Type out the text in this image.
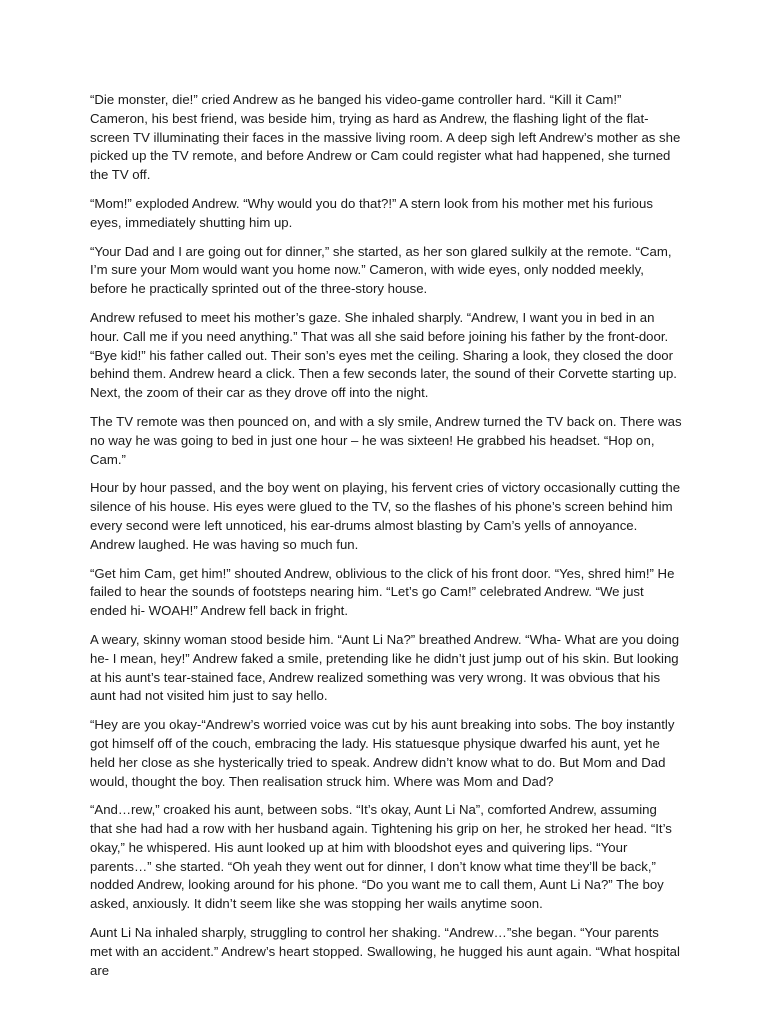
“Die monster, die!” cried Andrew as he banged his video-game controller hard. “Kill it Cam!” Cameron, his best friend, was beside him, trying as hard as Andrew, the flashing light of the flat-screen TV illuminating their faces in the massive living room. A deep sigh left Andrew’s mother as she picked up the TV remote, and before Andrew or Cam could register what had happened, she turned the TV off.

“Mom!” exploded Andrew. “Why would you do that?!” A stern look from his mother met his furious eyes, immediately shutting him up.

“Your Dad and I are going out for dinner,” she started, as her son glared sulkily at the remote. “Cam, I’m sure your Mom would want you home now.” Cameron, with wide eyes, only nodded meekly, before he practically sprinted out of the three-story house.

Andrew refused to meet his mother’s gaze. She inhaled sharply. “Andrew, I want you in bed in an hour. Call me if you need anything.” That was all she said before joining his father by the front-door. “Bye kid!” his father called out. Their son’s eyes met the ceiling. Sharing a look, they closed the door behind them. Andrew heard a click. Then a few seconds later, the sound of their Corvette starting up. Next, the zoom of their car as they drove off into the night.

The TV remote was then pounced on, and with a sly smile, Andrew turned the TV back on. There was no way he was going to bed in just one hour – he was sixteen! He grabbed his headset. “Hop on, Cam.”

Hour by hour passed, and the boy went on playing, his fervent cries of victory occasionally cutting the silence of his house. His eyes were glued to the TV, so the flashes of his phone’s screen behind him every second were left unnoticed, his ear-drums almost blasting by Cam’s yells of annoyance. Andrew laughed. He was having so much fun.

“Get him Cam, get him!” shouted Andrew, oblivious to the click of his front door. “Yes, shred him!” He failed to hear the sounds of footsteps nearing him. “Let’s go Cam!” celebrated Andrew. “We just ended hi- WOAH!” Andrew fell back in fright.

A weary, skinny woman stood beside him. “Aunt Li Na?” breathed Andrew. “Wha- What are you doing he- I mean, hey!” Andrew faked a smile, pretending like he didn’t just jump out of his skin. But looking at his aunt’s tear-stained face, Andrew realized something was very wrong. It was obvious that his aunt had not visited him just to say hello.

“Hey are you okay-“Andrew’s worried voice was cut by his aunt breaking into sobs. The boy instantly got himself off of the couch, embracing the lady. His statuesque physique dwarfed his aunt, yet he held her close as she hysterically tried to speak. Andrew didn’t know what to do. But Mom and Dad would, thought the boy. Then realisation struck him. Where was Mom and Dad?

“And…rew,” croaked his aunt, between sobs. “It’s okay, Aunt Li Na”, comforted Andrew, assuming that she had had a row with her husband again. Tightening his grip on her, he stroked her head. “It’s okay,” he whispered. His aunt looked up at him with bloodshot eyes and quivering lips. “Your parents…” she started. “Oh yeah they went out for dinner, I don’t know what time they’ll be back,” nodded Andrew, looking around for his phone. “Do you want me to call them, Aunt Li Na?” The boy asked, anxiously. It didn’t seem like she was stopping her wails anytime soon.

Aunt Li Na inhaled sharply, struggling to control her shaking. “Andrew…”she began. “Your parents met with an accident.” Andrew’s heart stopped. Swallowing, he hugged his aunt again. “What hospital are
